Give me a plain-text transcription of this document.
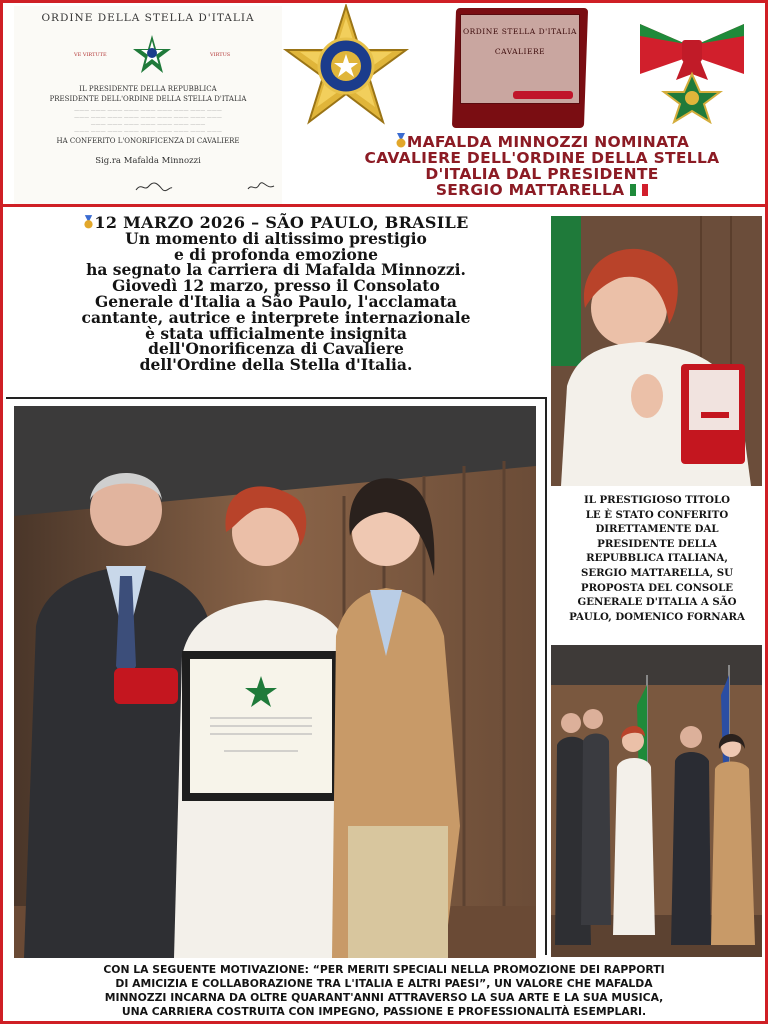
ORDINE DELLA STELLA D'ITALIA
VE VIRTUTE	VIRTUS
IL PRESIDENTE DELLA REPUBBLICA
PRESIDENTE DELL'ORDINE DELLA STELLA D'ITALIA
——— ——— ——— ——— ——— ——— ——— ——— ———
——— ——— ——— ——— ——— ——— ——— ——— ———
——— ——— ——— ——— ——— ——— ———
——— ——— ——— ——— ——— ——— ——— ——— ———
HA CONFERITO L'ONORIFICENZA DI CAVALIERE
Sig.ra Mafalda Minnozzi
ORDINE STELLA D'ITALIA
CAVALIERE
MAFALDA MINNOZZI NOMINATA
CAVALIERE DELL'ORDINE DELLA STELLA
D'ITALIA DAL PRESIDENTE
SERGIO MATTARELLA
12 MARZO 2026 – SÃO PAULO, BRASILE
Un momento di altissimo prestigio
e di profonda emozione
ha segnato la carriera di Mafalda Minnozzi.
Giovedì 12 marzo, presso il Consolato
Generale d'Italia a São Paulo, l'acclamata
cantante, autrice e interprete internazionale
è stata ufficialmente insignita
dell'Onorificenza di Cavaliere
dell'Ordine della Stella d'Italia.
IL PRESTIGIOSO TITOLO
LE È STATO CONFERITO
DIRETTAMENTE DAL
PRESIDENTE DELLA
REPUBBLICA ITALIANA,
SERGIO MATTARELLA, SU
PROPOSTA DEL CONSOLE
GENERALE D'ITALIA A SÃO
PAULO, DOMENICO FORNARA
CON LA SEGUENTE MOTIVAZIONE: “PER MERITI SPECIALI NELLA PROMOZIONE DEI RAPPORTI
DI AMICIZIA E COLLABORAZIONE TRA L'ITALIA E ALTRI PAESI”, UN VALORE CHE MAFALDA
MINNOZZI INCARNA DA OLTRE QUARANT'ANNI ATTRAVERSO LA SUA ARTE E LA SUA MUSICA,
UNA CARRIERA COSTRUITA CON IMPEGNO, PASSIONE E PROFESSIONALITÀ ESEMPLARI.
